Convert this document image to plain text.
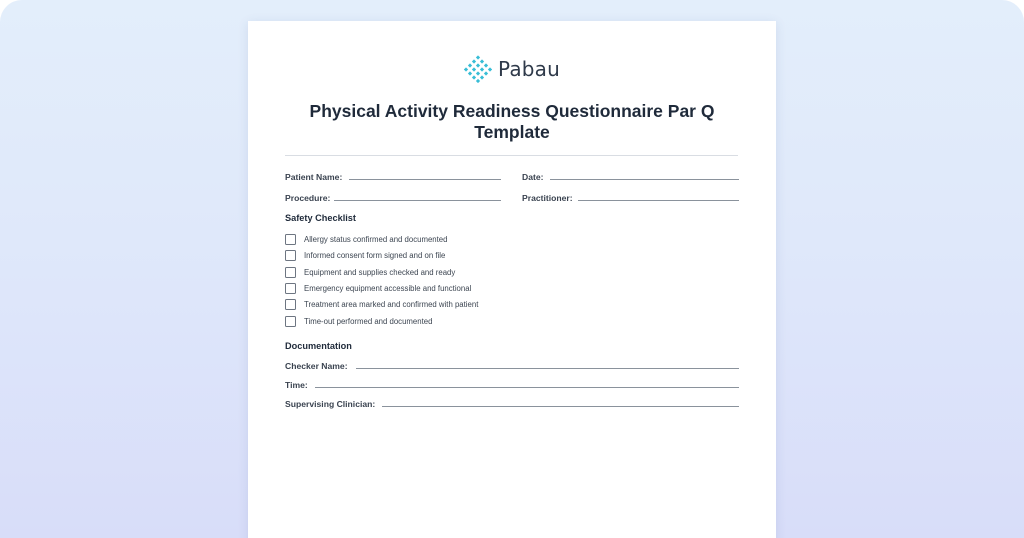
Pabau
Physical Activity Readiness Questionnaire Par Q Template
Patient Name:	Date:
Procedure:	Practitioner:
Safety Checklist
Allergy status confirmed and documented
Informed consent form signed and on file
Equipment and supplies checked and ready
Emergency equipment accessible and functional
Treatment area marked and confirmed with patient
Time-out performed and documented
Documentation
Checker Name:
Time:
Supervising Clinician:
